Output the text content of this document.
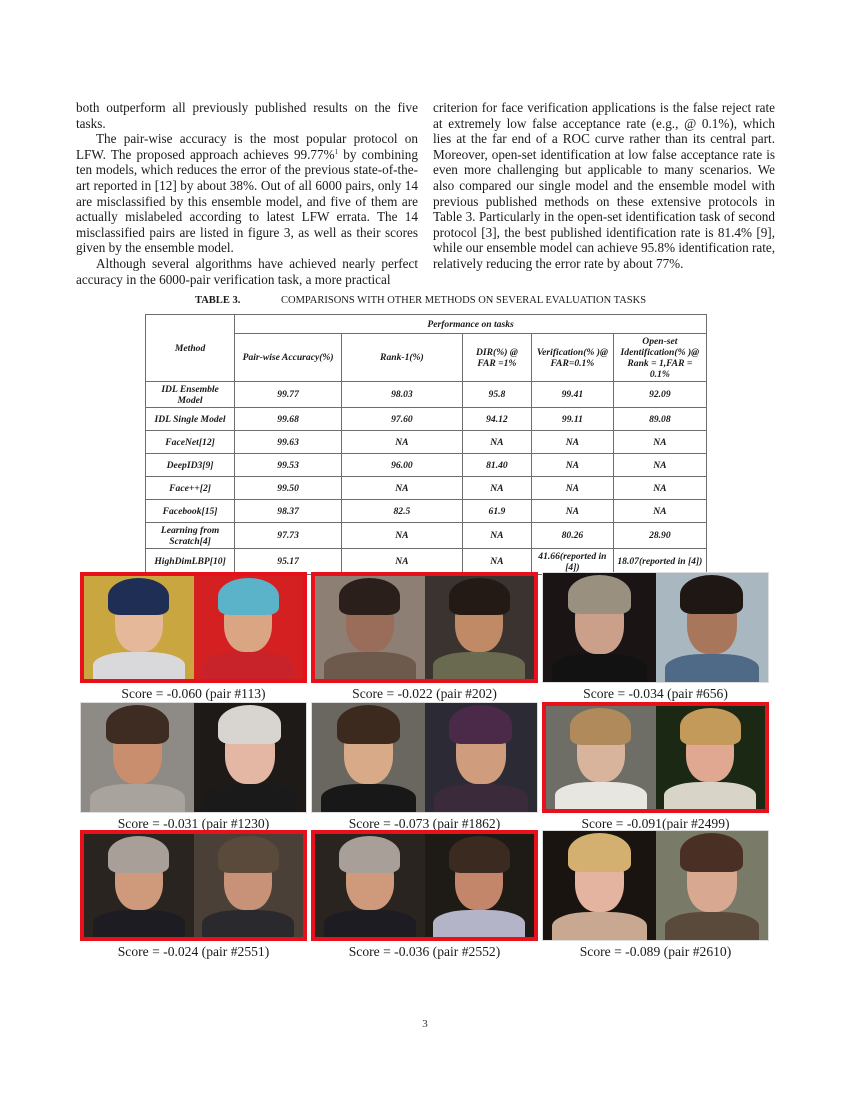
both outperform all previously published results on the five tasks.

The pair-wise accuracy is the most popular protocol on LFW. The proposed approach achieves 99.77%$^1$ by combining ten models, which reduces the error of the previous state-of-the-art reported in [12] by about 38%. Out of all 6000 pairs, only 14 are misclassified by this ensemble model, and five of them are actually mislabeled according to latest LFW errata. The 14 misclassified pairs are listed in figure 3, as well as their scores given by the ensemble model.

Although several algorithms have achieved nearly perfect accuracy in the 6000-pair verification task, a more practical

criterion for face verification applications is the false reject rate at extremely low false acceptance rate (e.g., @ 0.1%), which lies at the far end of a ROC curve rather than its central part. Moreover, open-set identification at low false acceptance rate is even more challenging but applicable to many scenarios. We also compared our single model and the ensemble model with previous published methods on these extensive protocols in Table 3. Particularly in the open-set identification task of second protocol [3], the best published identification rate is 81.4% [9], while our ensemble model can achieve 95.8% identification rate, relatively reducing the error rate by about 77%.

TABLE 3.	COMPARISONS WITH OTHER METHODS ON SEVERAL EVALUATION TASKS
Method	Performance on tasks				
	Pair-wise Accuracy(%)	Rank-1(%)	DIR(%) @ FAR =1%	Verification(% )@ FAR=0.1%	Open-set Identification(% )@ Rank = 1,FAR = 0.1%
IDL Ensemble Model	99.77	98.03	95.8	99.41	92.09
IDL Single Model	99.68	97.60	94.12	99.11	89.08
FaceNet[12]	99.63	NA	NA	NA	NA
DeepID3[9]	99.53	96.00	81.40	NA	NA
Face++[2]	99.50	NA	NA	NA	NA
Facebook[15]	98.37	82.5	61.9	NA	NA
Learning from Scratch[4]	97.73	NA	NA	80.26	28.90
HighDimLBP[10]	95.17	NA	NA	41.66(reported in [4])	18.07(reported in [4])
Score = -0.060 (pair #113)	Score = -0.022 (pair #202)	Score = -0.034 (pair #656)
Score = -0.031 (pair #1230)	Score = -0.073 (pair #1862)	Score = -0.091(pair #2499)
Score = -0.024 (pair #2551)	Score = -0.036 (pair #2552)	Score = -0.089 (pair #2610)
3
